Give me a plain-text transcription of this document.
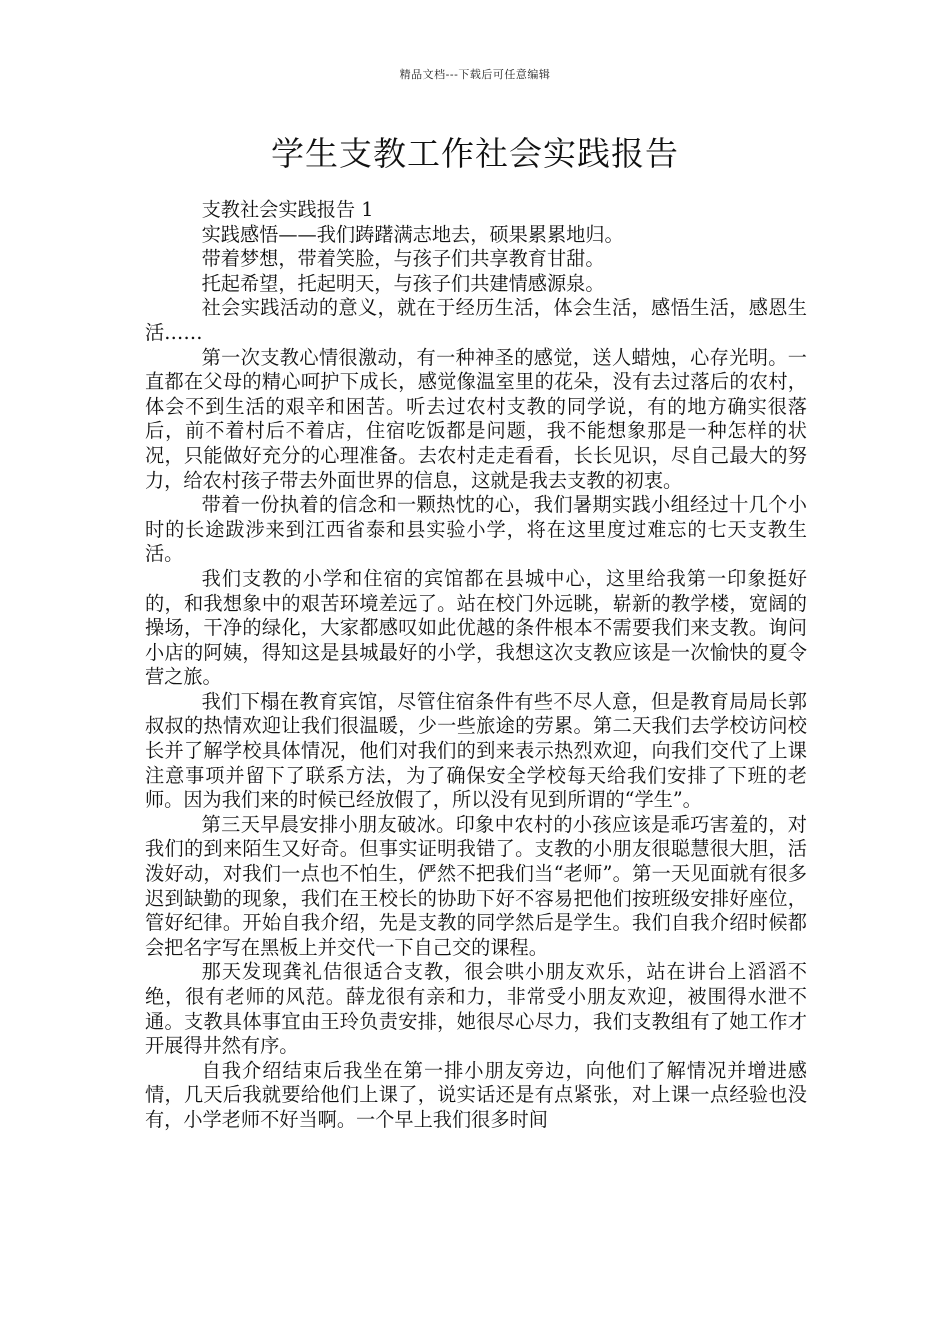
精品文档---下载后可任意编辑
学生支教工作社会实践报告

支教社会实践报告 1

实践感悟——我们踌躇满志地去，硕果累累地归。

带着梦想，带着笑脸，与孩子们共享教育甘甜。

托起希望，托起明天，与孩子们共建情感源泉。

社会实践活动的意义，就在于经历生活，体会生活，感悟生活，感恩生活……

第一次支教心情很激动，有一种神圣的感觉，送人蜡烛，心存光明。一直都在父母的精心呵护下成长，感觉像温室里的花朵，没有去过落后的农村，体会不到生活的艰辛和困苦。听去过农村支教的同学说，有的地方确实很落后，前不着村后不着店，住宿吃饭都是问题，我不能想象那是一种怎样的状况，只能做好充分的心理准备。去农村走走看看，长长见识，尽自己最大的努力，给农村孩子带去外面世界的信息，这就是我去支教的初衷。

带着一份执着的信念和一颗热忱的心，我们暑期实践小组经过十几个小时的长途跋涉来到江西省泰和县实验小学，将在这里度过难忘的七天支教生活。

我们支教的小学和住宿的宾馆都在县城中心，这里给我第一印象挺好的，和我想象中的艰苦环境差远了。站在校门外远眺，崭新的教学楼，宽阔的操场，干净的绿化，大家都感叹如此优越的条件根本不需要我们来支教。询问小店的阿姨，得知这是县城最好的小学，我想这次支教应该是一次愉快的夏令营之旅。

我们下榻在教育宾馆，尽管住宿条件有些不尽人意，但是教育局局长郭叔叔的热情欢迎让我们很温暖，少一些旅途的劳累。第二天我们去学校访问校长并了解学校具体情况，他们对我们的到来表示热烈欢迎，向我们交代了上课注意事项并留下了联系方法，为了确保安全学校每天给我们安排了下班的老师。因为我们来的时候已经放假了，所以没有见到所谓的“学生”。

第三天早晨安排小朋友破冰。印象中农村的小孩应该是乖巧害羞的，对我们的到来陌生又好奇。但事实证明我错了。支教的小朋友很聪慧很大胆，活泼好动，对我们一点也不怕生，俨然不把我们当“老师”。第一天见面就有很多迟到缺勤的现象，我们在王校长的协助下好不容易把他们按班级安排好座位，管好纪律。开始自我介绍，先是支教的同学然后是学生。我们自我介绍时候都会把名字写在黑板上并交代一下自己交的课程。

那天发现龚礼佶很适合支教，很会哄小朋友欢乐，站在讲台上滔滔不绝，很有老师的风范。薛龙很有亲和力，非常受小朋友欢迎，被围得水泄不通。支教具体事宜由王玲负责安排，她很尽心尽力，我们支教组有了她工作才开展得井然有序。

自我介绍结束后我坐在第一排小朋友旁边，向他们了解情况并增进感情，几天后我就要给他们上课了，说实话还是有点紧张，对上课一点经验也没有，小学老师不好当啊。一个早上我们很多时间
